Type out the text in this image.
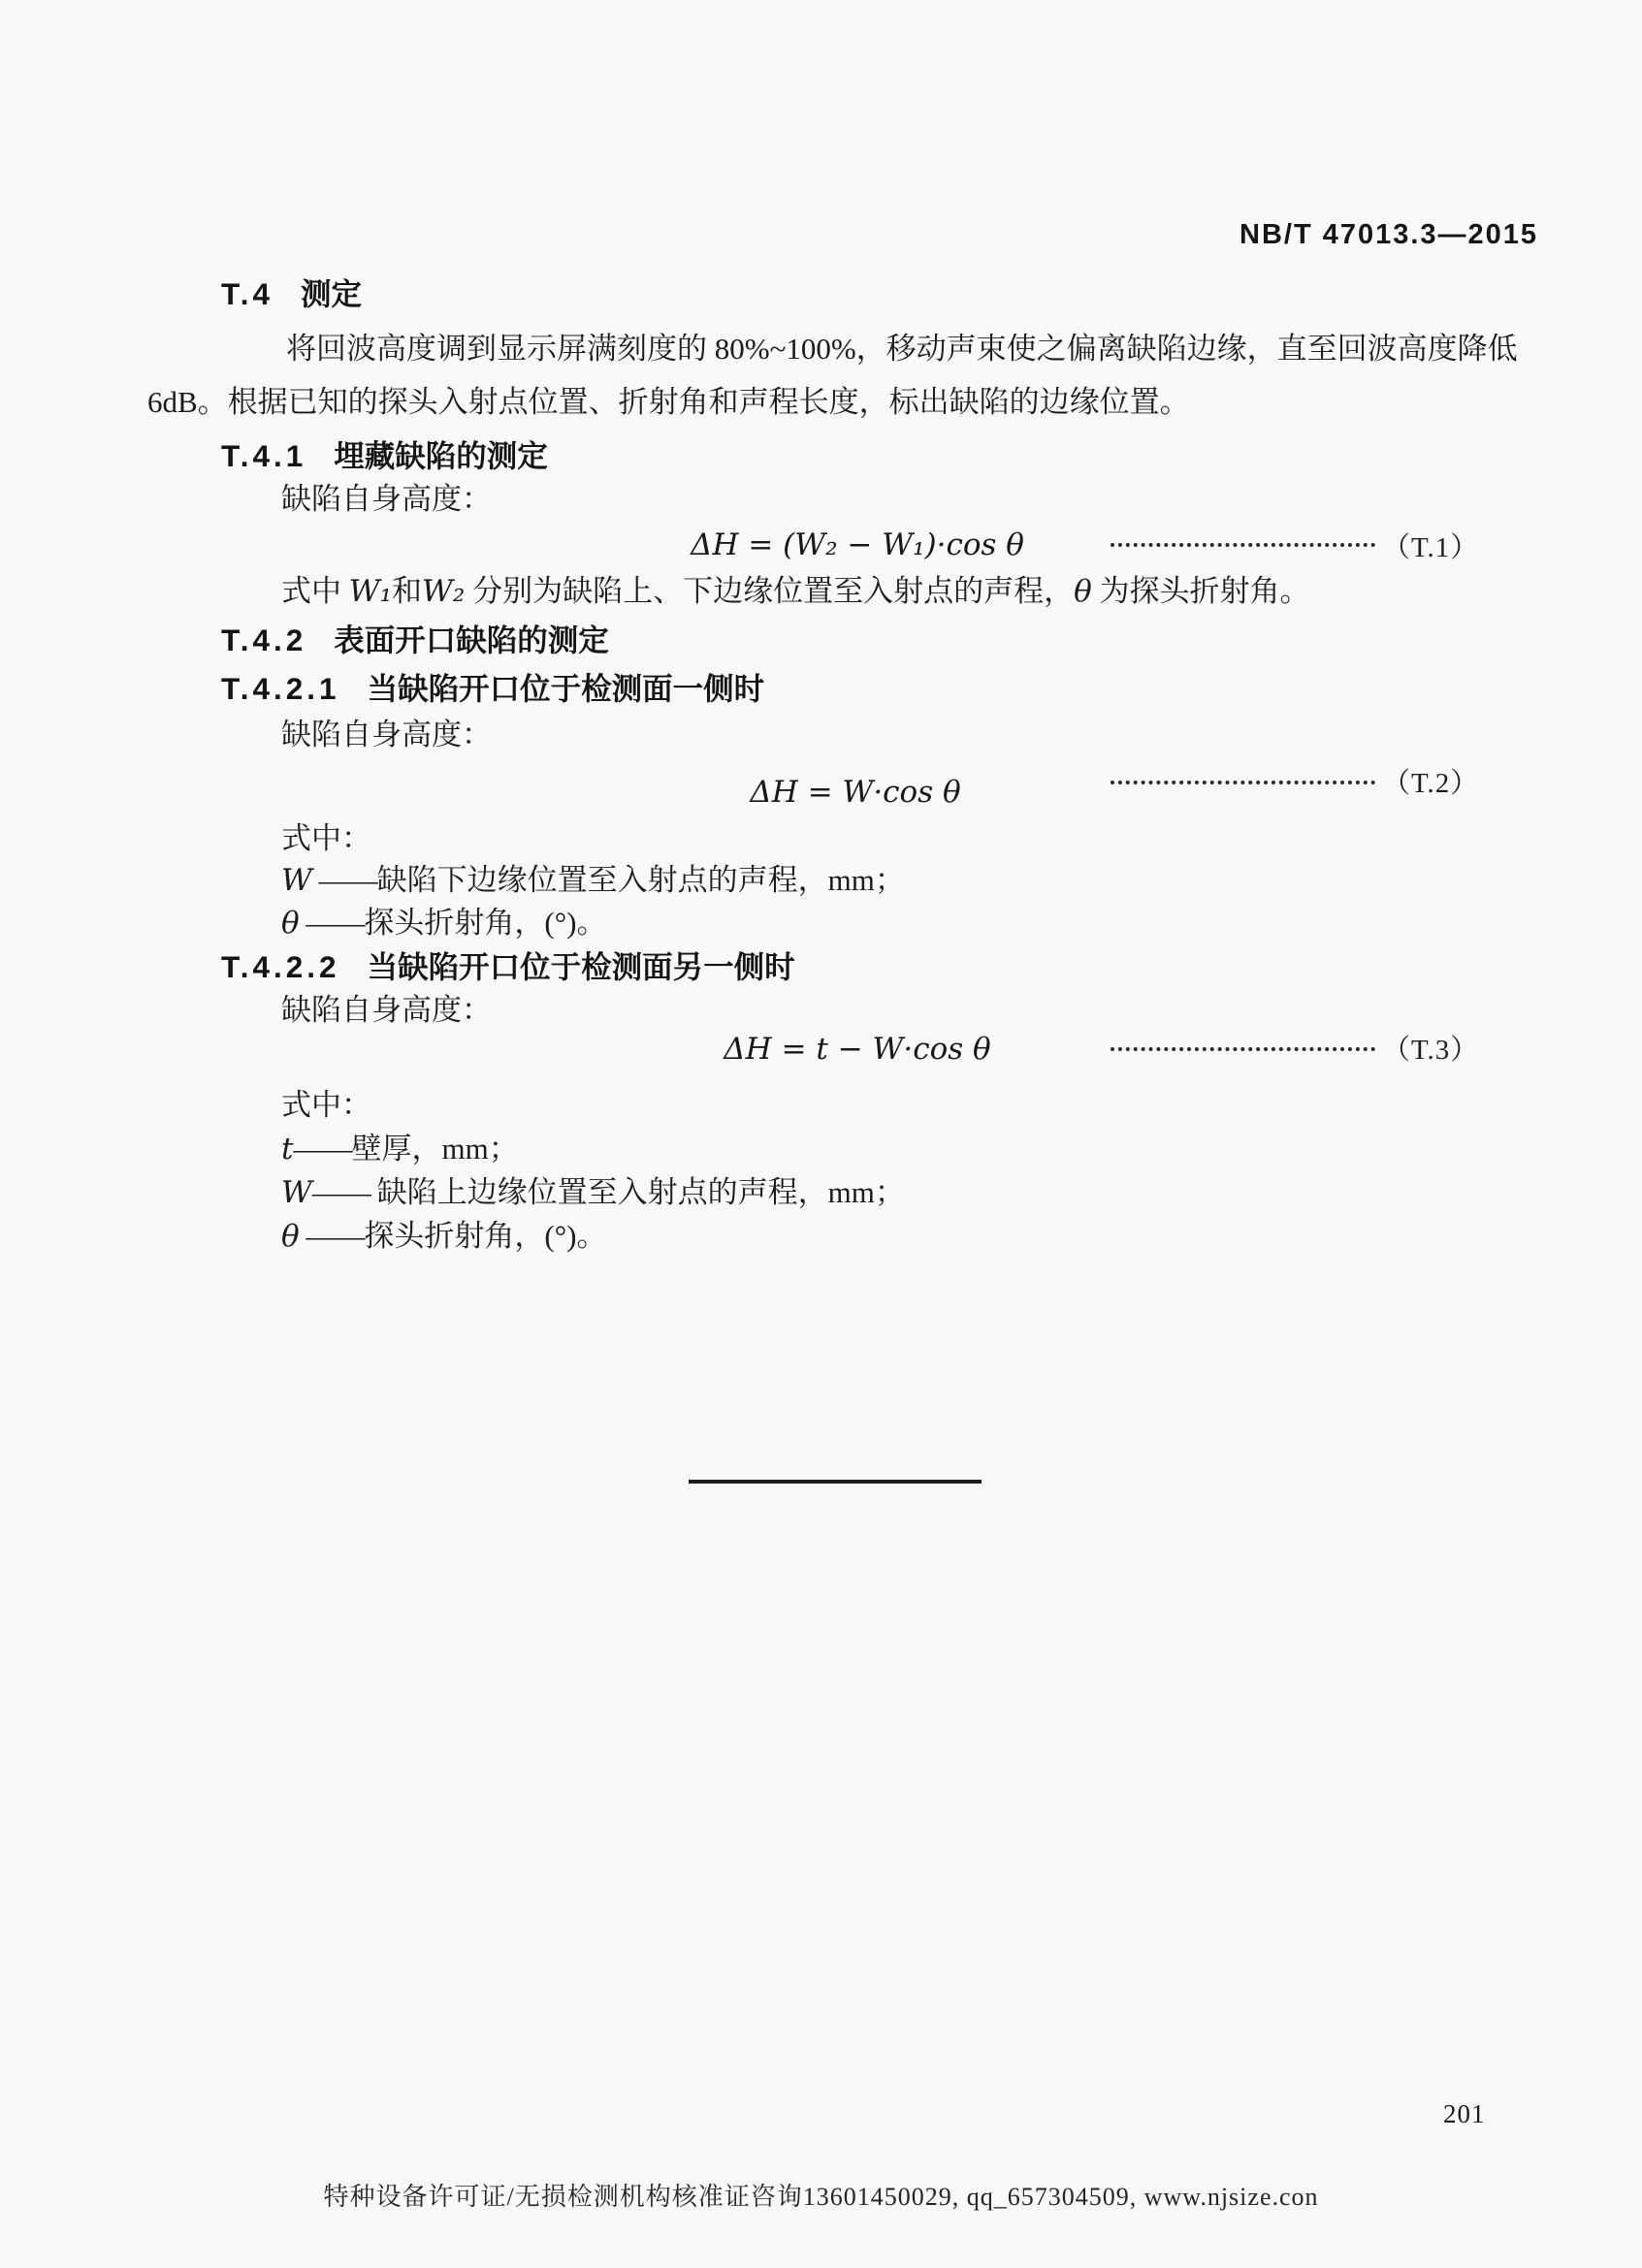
NB/T 47013.3—2015
T.4 测定
将回波高度调到显示屏满刻度的 80%~100%，移动声束使之偏离缺陷边缘，直至回波高度降低
6dB。根据已知的探头入射点位置、折射角和声程长度，标出缺陷的边缘位置。
T.4.1 埋藏缺陷的测定
缺陷自身高度：
ΔH = (W₂ − W₁)·cos θ	（T.1）
式中 W₁和W₂ 分别为缺陷上、下边缘位置至入射点的声程，θ 为探头折射角。
T.4.2 表面开口缺陷的测定
T.4.2.1 当缺陷开口位于检测面一侧时
缺陷自身高度：
ΔH = W·cos θ	（T.2）
式中：
W ——缺陷下边缘位置至入射点的声程，mm；
θ ——探头折射角，(°)。
T.4.2.2 当缺陷开口位于检测面另一侧时
缺陷自身高度：
ΔH = t − W·cos θ	（T.3）
式中：
t——壁厚，mm；
W—— 缺陷上边缘位置至入射点的声程，mm；
θ ——探头折射角，(°)。
201
特种设备许可证/无损检测机构核准证咨询13601450029, qq_657304509, www.njsize.con
